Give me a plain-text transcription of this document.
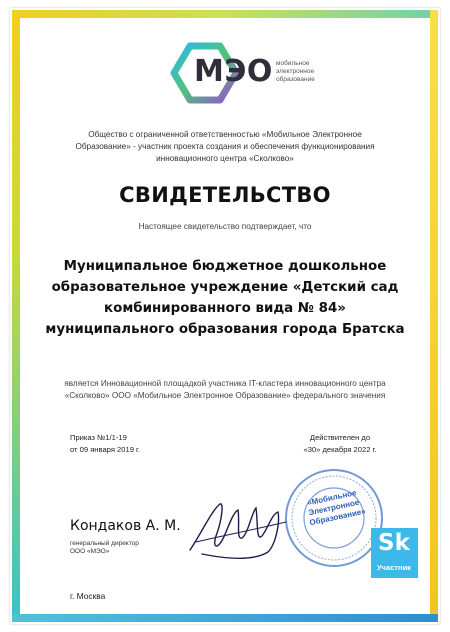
МЭО мобильное электронное образование
Общество с ограниченной ответственностью «Мобильное Электронное Образование» - участник проекта создания и обеспечения функционирования инновационного центра «Сколково»
СВИДЕТЕЛЬСТВО
Настоящее свидетельство подтверждает, что
Муниципальное бюджетное дошкольное образовательное учреждение «Детский сад комбинированного вида № 84» муниципального образования города Братска
является Инновационной площадкой участника IT-кластера инновационного центра «Сколково» ООО «Мобильное Электронное Образование» федерального значения
Приказ №1/1-19
от 09 января 2019 г.
Действителен до
«30» декабря 2022 г.
«Мобильное Электронное Образование»
Кондаков А. М.
генеральный директор
ООО «МЭО»
г. Москва
Sk
Участник
